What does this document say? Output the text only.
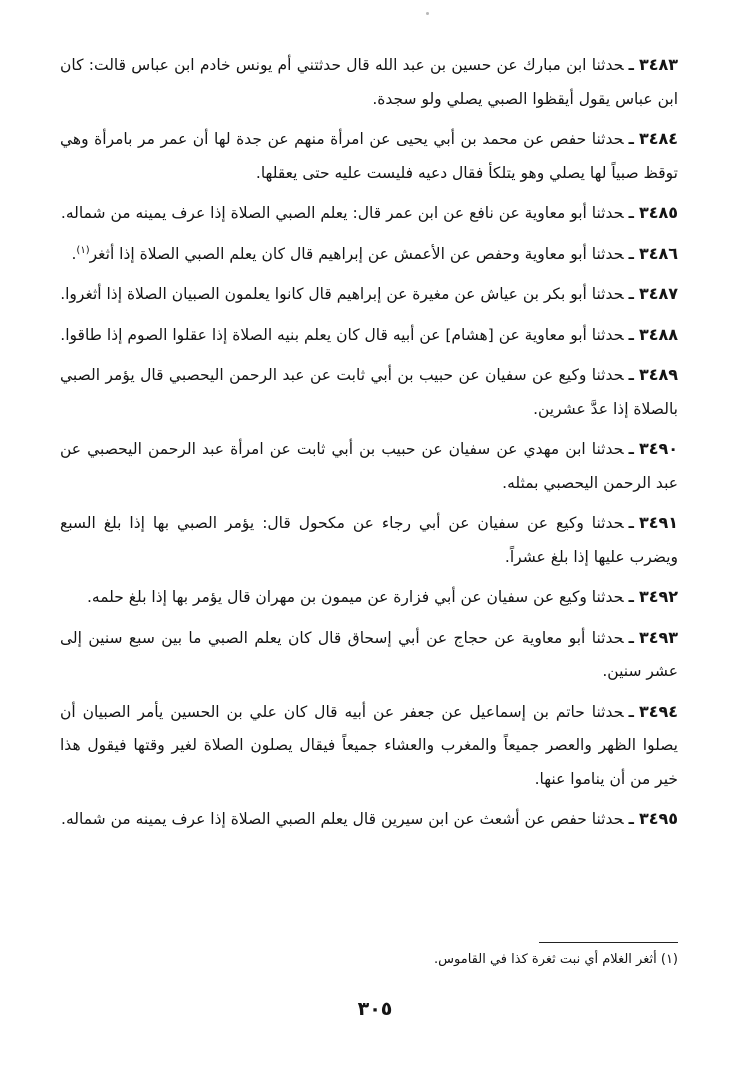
٣٤٨٣ـحدثنا ابن مبارك عن حسين بن عبد الله قال حدثتني أم يونس خادم ابن عباس قالت: كان ابن عباس يقول أيقظوا الصبي يصلي ولو سجدة.

٣٤٨٤ـحدثنا حفص عن محمد بن أبي يحيى عن امرأة منهم عن جدة لها أن عمر مر بامرأة وهي توقظ صبياً لها يصلي وهو يتلكأ فقال دعيه فليست عليه حتى يعقلها.

٣٤٨٥ـحدثنا أبو معاوية عن نافع عن ابن عمر قال: يعلم الصبي الصلاة إذا عرف يمينه من شماله.

٣٤٨٦ـحدثنا أبو معاوية وحفص عن الأعمش عن إبراهيم قال كان يعلم الصبي الصلاة إذا أثغر$^{(١)}$.

٣٤٨٧ـحدثنا أبو بكر بن عياش عن مغيرة عن إبراهيم قال كانوا يعلمون الصبيان الصلاة إذا أثغروا.

٣٤٨٨ـحدثنا أبو معاوية عن [هشام] عن أبيه قال كان يعلم بنيه الصلاة إذا عقلوا الصوم إذا طاقوا.

٣٤٨٩ـحدثنا وكيع عن سفيان عن حبيب بن أبي ثابت عن عبد الرحمن اليحصبي قال يؤمر الصبي بالصلاة إذا عدَّ عشرين.

٣٤٩٠ـحدثنا ابن مهدي عن سفيان عن حبيب بن أبي ثابت عن امرأة عبد الرحمن اليحصبي عن عبد الرحمن اليحصبي بمثله.

٣٤٩١ـحدثنا وكيع عن سفيان عن أبي رجاء عن مكحول قال: يؤمر الصبي بها إذا بلغ السبع ويضرب عليها إذا بلغ عشراً.

٣٤٩٢ـحدثنا وكيع عن سفيان عن أبي فزارة عن ميمون بن مهران قال يؤمر بها إذا بلغ حلمه.

٣٤٩٣ـحدثنا أبو معاوية عن حجاج عن أبي إسحاق قال كان يعلم الصبي ما بين سبع سنين إلى عشر سنين.

٣٤٩٤ـحدثنا حاتم بن إسماعيل عن جعفر عن أبيه قال كان علي بن الحسين يأمر الصبيان أن يصلوا الظهر والعصر جميعاً والمغرب والعشاء جميعاً فيقال يصلون الصلاة لغير وقتها فيقول هذا خير من أن يناموا عنها.

٣٤٩٥ـحدثنا حفص عن أشعث عن ابن سيرين قال يعلم الصبي الصلاة إذا عرف يمينه من شماله.

(١) أثغر الغلام أي نبت ثغرة كذا في القاموس.
٣٠٥
